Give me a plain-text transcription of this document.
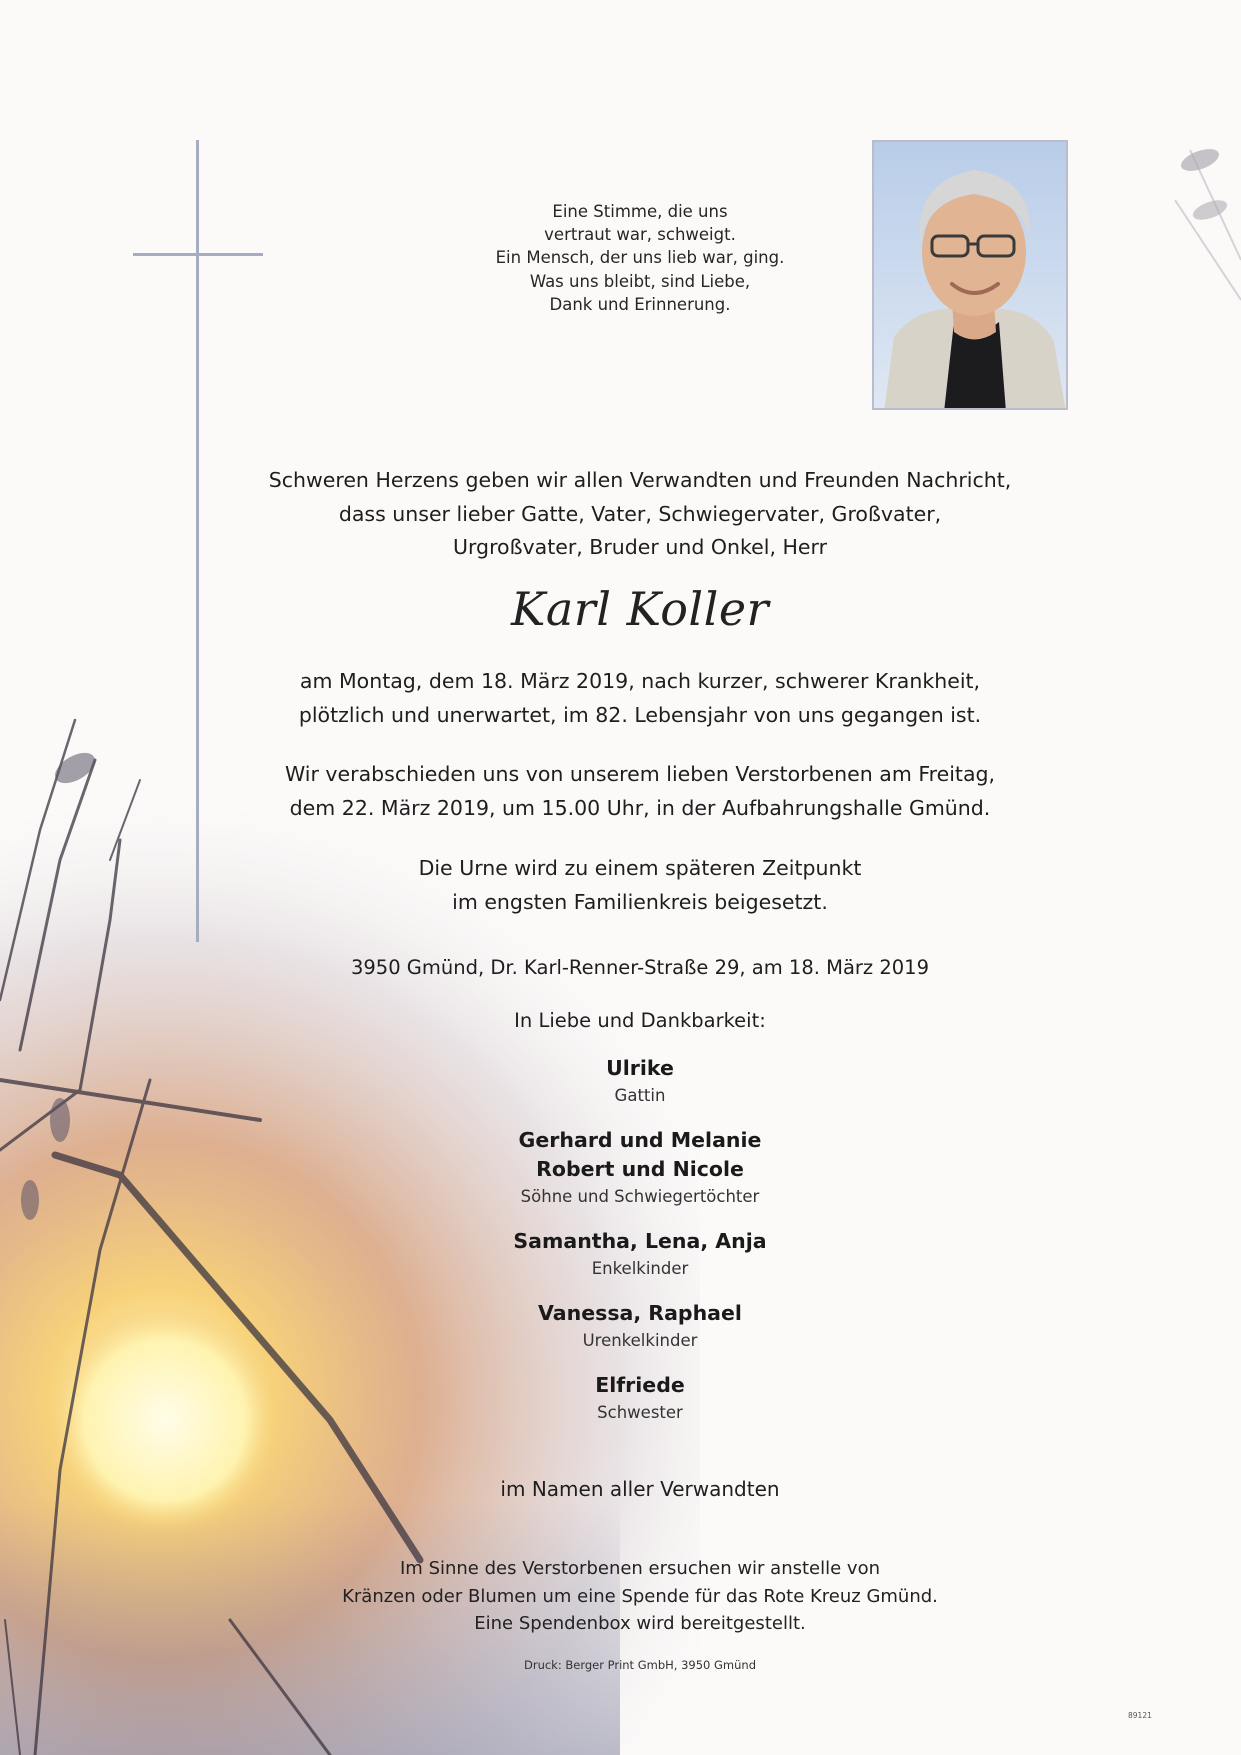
Eine Stimme, die uns
vertraut war, schweigt.
Ein Mensch, der uns lieb war, ging.
Was uns bleibt, sind Liebe,
Dank und Erinnerung.
Schweren Herzens geben wir allen Verwandten und Freunden Nachricht,
dass unser lieber Gatte, Vater, Schwiegervater, Großvater,
Urgroßvater, Bruder und Onkel, Herr
Karl Koller
am Montag, dem 18. März 2019, nach kurzer, schwerer Krankheit,
plötzlich und unerwartet, im 82. Lebensjahr von uns gegangen ist.
Wir verabschieden uns von unserem lieben Verstorbenen am Freitag,
dem 22. März 2019, um 15.00 Uhr, in der Aufbahrungshalle Gmünd.
Die Urne wird zu einem späteren Zeitpunkt
im engsten Familienkreis beigesetzt.
3950 Gmünd, Dr. Karl-Renner-Straße 29, am 18. März 2019
In Liebe und Dankbarkeit:
Ulrike
Gattin
Gerhard und Melanie
Robert und Nicole
Söhne und Schwiegertöchter
Samantha, Lena, Anja
Enkelkinder
Vanessa, Raphael
Urenkelkinder
Elfriede
Schwester
im Namen aller Verwandten
Im Sinne des Verstorbenen ersuchen wir anstelle von
Kränzen oder Blumen um eine Spende für das Rote Kreuz Gmünd.
Eine Spendenbox wird bereitgestellt.
Druck: Berger Print GmbH, 3950 Gmünd
89121
